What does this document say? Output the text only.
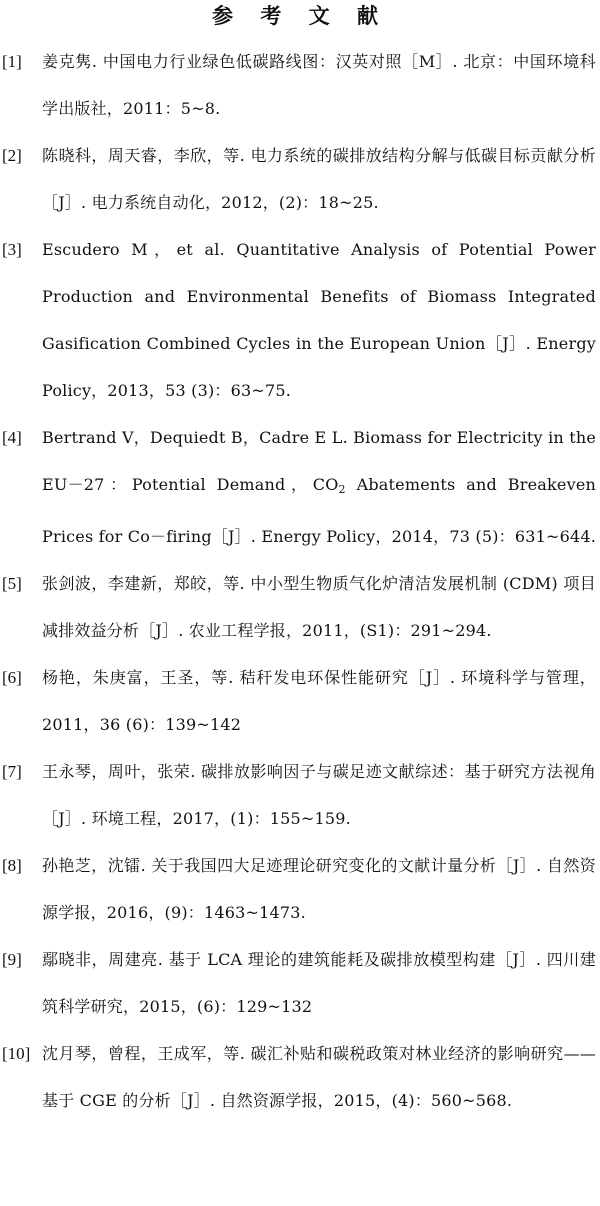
参 考 文 献
[1]	姜克隽. 中国电力行业绿色低碳路线图：汉英对照［M］. 北京：中国环境科学出版社，2011：5~8.
[2]	陈晓科，周天睿，李欣，等. 电力系统的碳排放结构分解与低碳目标贡献分析［J］. 电力系统自动化，2012，(2)：18~25.
[3]	Escudero M，et al. Quantitative Analysis of Potential Power Production and Environmental Benefits of Biomass Integrated Gasification Combined Cycles in the European Union［J］. Energy Policy，2013，53 (3)：63~75.
[4]	Bertrand V，Dequiedt B，Cadre E L. Biomass for Electricity in the EU－27：Potential Demand，$CO_2$ Abatements and Breakeven Prices for Co－firing［J］. Energy Policy，2014，73 (5)：631~644.
[5]	张剑波，李建新，郑皎，等. 中小型生物质气化炉清洁发展机制 (CDM) 项目减排效益分析［J］. 农业工程学报，2011，(S1)：291~294.
[6]	杨艳，朱庚富，王圣，等. 秸秆发电环保性能研究［J］. 环境科学与管理，2011，36 (6)：139~142
[7]	王永琴，周叶，张荣. 碳排放影响因子与碳足迹文献综述：基于研究方法视角［J］. 环境工程，2017，(1)：155~159.
[8]	孙艳芝，沈镭. 关于我国四大足迹理论研究变化的文献计量分析［J］. 自然资源学报，2016，(9)：1463~1473.
[9]	鄢晓非，周建亮. 基于 LCA 理论的建筑能耗及碳排放模型构建［J］. 四川建筑科学研究，2015，(6)：129~132
[10] 沈月琴，曾程，王成军，等. 碳汇补贴和碳税政策对林业经济的影响研究——基于 CGE 的分析［J］. 自然资源学报，2015，(4)：560~568.
